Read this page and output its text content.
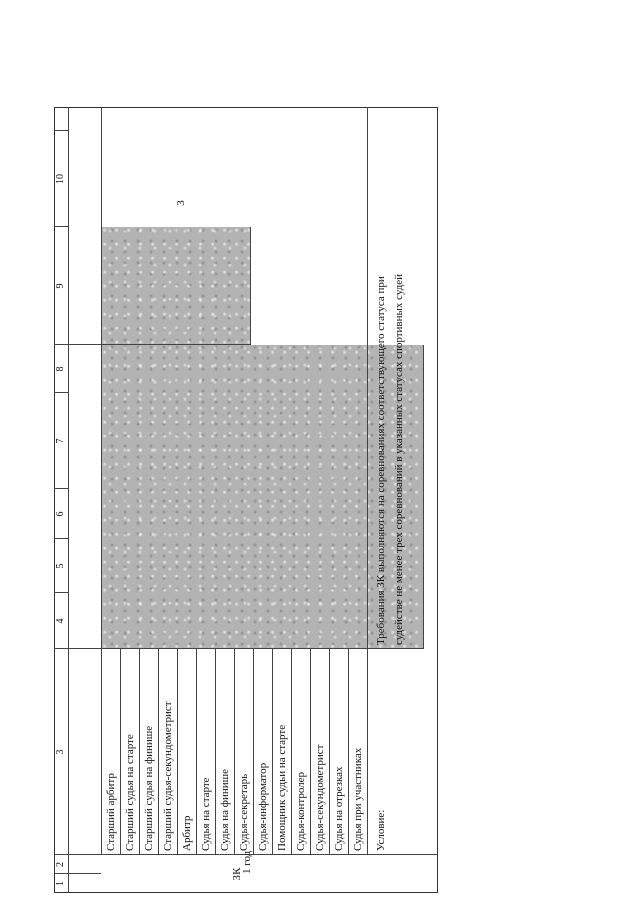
1
2
3
4
5
6
7
8
9
10
ЗК
1 год
Старший арбитр Старший судья на старте Старший судья на финише Старший судья-секундометрист Арбитр Судья на старте Судья на финише Судья-секретарь Судья-информатор Помощник судьи на старте Судья-контролер Судья-секундометрист Судья на отрезках Судья при участниках
3
Условие:
Требования ЗК выполняются на соревнованиях соответствующего статуса при судействе не менее трех соревнований в указанных статусах спортивных судей
